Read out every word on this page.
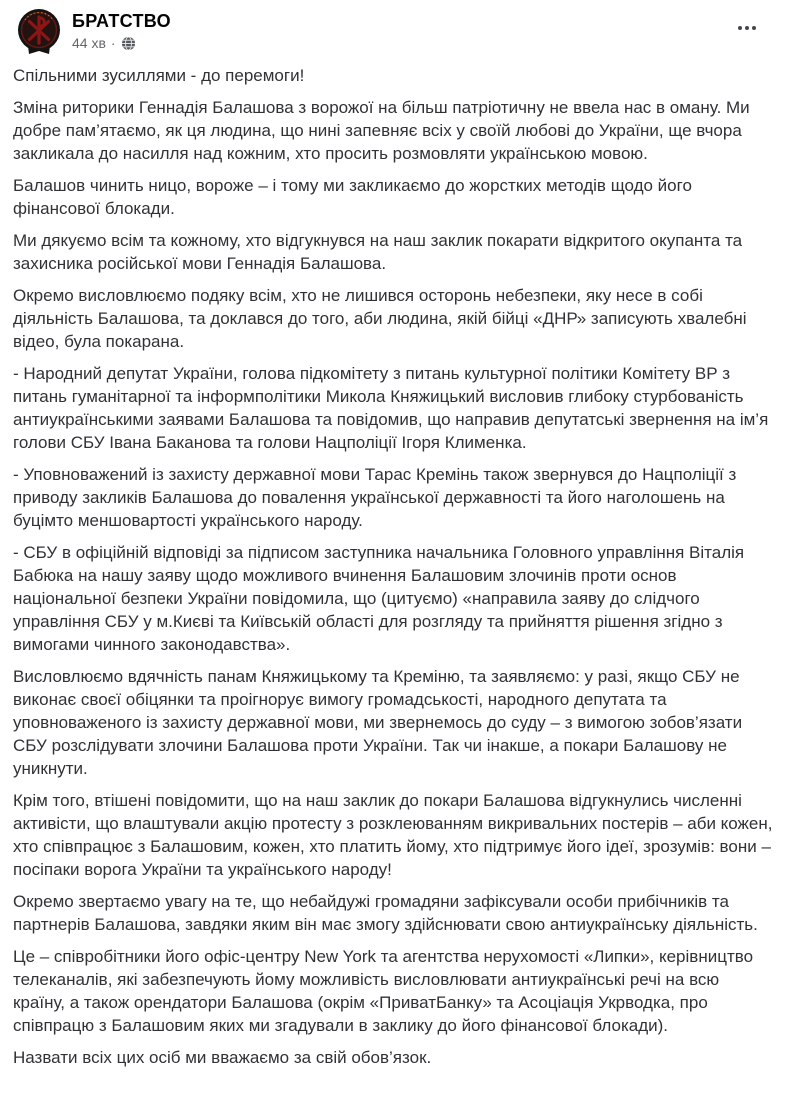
БРАТСТВО
44 хв ·

Спільними зусиллями - до перемоги!

Зміна риторики Геннадія Балашова з ворожої на більш патріотичну не ввела нас в оману. Ми добре пам’ятаємо, як ця людина, що нині запевняє всіх у своїй любові до України, ще вчора закликала до насилля над кожним, хто просить розмовляти українською мовою.

Балашов чинить ницо, вороже – і тому ми закликаємо до жорстких методів щодо його фінансової блокади.

Ми дякуємо всім та кожному, хто відгукнувся на наш заклик покарати відкритого окупанта та захисника російської мови Геннадія Балашова.

Окремо висловлюємо подяку всім, хто не лишився осторонь небезпеки, яку несе в собі діяльність Балашова, та доклався до того, аби людина, якій бійці «ДНР» записують хвалебні відео, була покарана.

- Народний депутат України, голова підкомітету з питань культурної політики Комітету ВР з питань гуманітарної та інформполітики Микола Княжицький висловив глибоку стурбованість антиукраїнськими заявами Балашова та повідомив, що направив депутатські звернення на ім’я голови СБУ Івана Баканова та голови Нацполіції Ігоря Клименка.

- Уповноважений із захисту державної мови Тарас Кремінь також звернувся до Нацполіції з приводу закликів Балашова до повалення української державності та його наголошень на буцімто меншовартості українського народу.

- СБУ в офіційній відповіді за підписом заступника начальника Головного управління Віталія Бабюка на нашу заяву щодо можливого вчинення Балашовим злочинів проти основ національної безпеки України повідомила, що (цитуємо) «направила заяву до слідчого управління СБУ у м.Києві та Київській області для розгляду та прийняття рішення згідно з вимогами чинного законодавства».

Висловлюємо вдячність панам Княжицькому та Креміню, та заявляємо: у разі, якщо СБУ не виконає своєї обіцянки та проігнорує вимогу громадськості, народного депутата та уповноваженого із захисту державної мови, ми звернемось до суду – з вимогою зобов’язати СБУ розслідувати злочини Балашова проти України. Так чи інакше, а покари Балашову не уникнути.

Крім того, втішені повідомити, що на наш заклик до покари Балашова відгукнулись численні активісти, що влаштували акцію протесту з розклеюванням викривальних постерів – аби кожен, хто співпрацює з Балашовим, кожен, хто платить йому, хто підтримує його ідеї, зрозумів: вони – посіпаки ворога України та українського народу!

Окремо звертаємо увагу на те, що небайдужі громадяни зафіксували особи прибічників та партнерів Балашова, завдяки яким він має змогу здійснювати свою антиукраїнську діяльність.

Це – співробітники його офіс-центру New York та агентства нерухомості «Липки», керівництво телеканалів, які забезпечують йому можливість висловлювати антиукраїнські речі на всю країну, а також орендатори Балашова (окрім «ПриватБанку» та Асоціація Укрводка, про співпрацю з Балашовим яких ми згадували в заклику до його фінансової блокади).

Назвати всіх цих осіб ми вважаємо за свій обов’язок.
